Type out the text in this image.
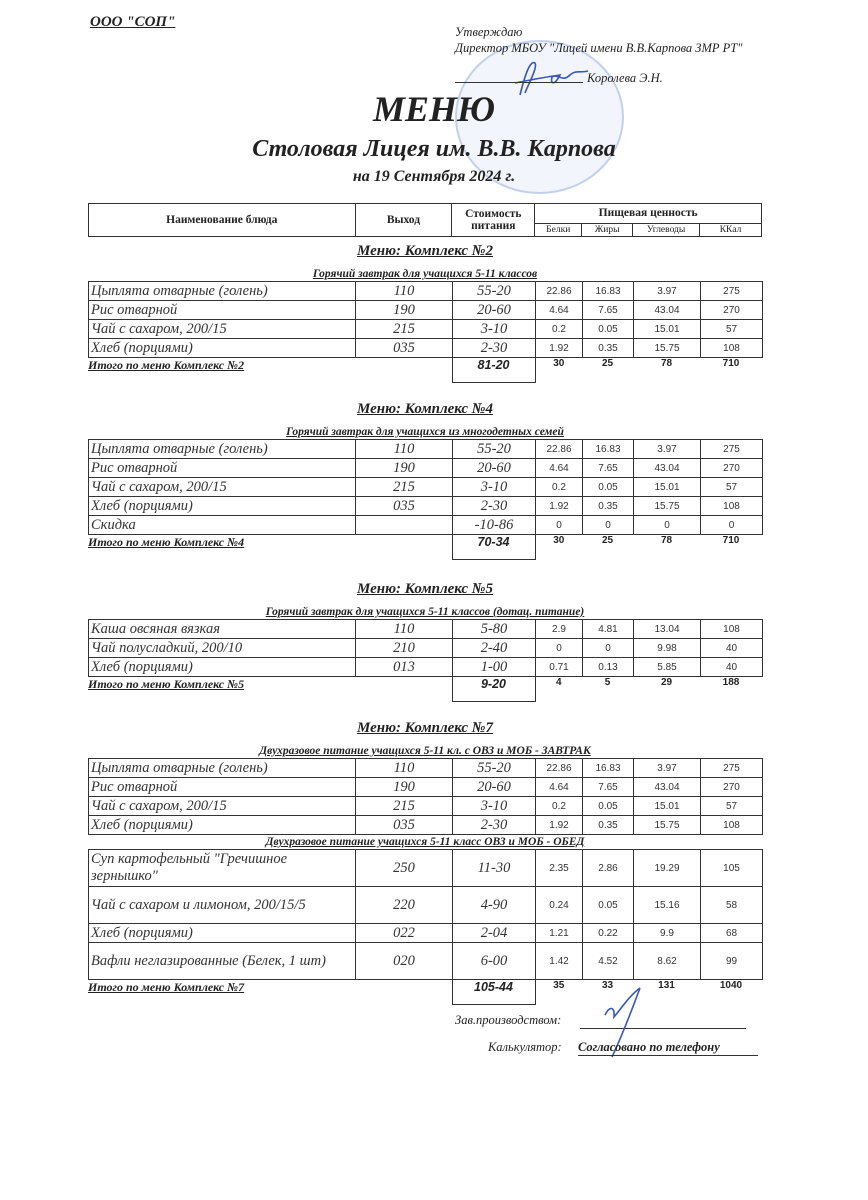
ООО "СОП"
Утверждаю
Директор МБОУ "Лицей имени В.В.Карпова ЗМР РТ"
Королева Э.Н.
МЕНЮ
Столовая Лицея им. В.В. Карпова
на 19 Сентября 2024 г.
Наименование блюда	Выход	Стоимость питания	Пищевая ценность			
			Белки	Жиры	Углеводы	ККал
Меню: Комплекс №2
Горячий завтрак для учащихся 5-11 классов
Цыплята отварные (голень)	110	55-20	22.86	16.83	3.97	275
Рис отварной	190	20-60	4.64	7.65	43.04	270
Чай с сахаром, 200/15	215	3-10	0.2	0.05	15.01	57
Хлеб (порциями)	035	2-30	1.92	0.35	15.75	108
Итого по меню Комплекс №2		81-20	30	25	78	710
Меню: Комплекс №4
Горячий завтрак для учащихся из многодетных семей
Цыплята отварные (голень)	110	55-20	22.86	16.83	3.97	275
Рис отварной	190	20-60	4.64	7.65	43.04	270
Чай с сахаром, 200/15	215	3-10	0.2	0.05	15.01	57
Хлеб (порциями)	035	2-30	1.92	0.35	15.75	108
Скидка		-10-86	0	0	0	0
Итого по меню Комплекс №4		70-34	30	25	78	710
Меню: Комплекс №5
Горячий завтрак для учащихся 5-11 классов (дотац. питание)
Каша овсяная вязкая	110	5-80	2.9	4.81	13.04	108
Чай полусладкий, 200/10	210	2-40	0	0	9.98	40
Хлеб (порциями)	013	1-00	0.71	0.13	5.85	40
Итого по меню Комплекс №5		9-20	4	5	29	188
Меню: Комплекс №7
Двухразовое питание учащихся 5-11 кл. с ОВЗ и МОБ - ЗАВТРАК
Цыплята отварные (голень)	110	55-20	22.86	16.83	3.97	275
Рис отварной	190	20-60	4.64	7.65	43.04	270
Чай с сахаром, 200/15	215	3-10	0.2	0.05	15.01	57
Хлеб (порциями)	035	2-30	1.92	0.35	15.75	108
Двухразовое питание учащихся 5-11 класс ОВЗ и МОБ - ОБЕД
Суп картофельный "Гречишное зернышко"	250	11-30	2.35	2.86	19.29	105
Чай с сахаром и лимоном, 200/15/5	220	4-90	0.24	0.05	15.16	58
Хлеб (порциями)	022	2-04	1.21	0.22	9.9	68
Вафли неглазированные (Белек, 1 шт)	020	6-00	1.42	4.52	8.62	99
Итого по меню Комплекс №7		105-44	35	33	131	1040
Зав.производством:
Калькулятор: Согласовано по телефону
